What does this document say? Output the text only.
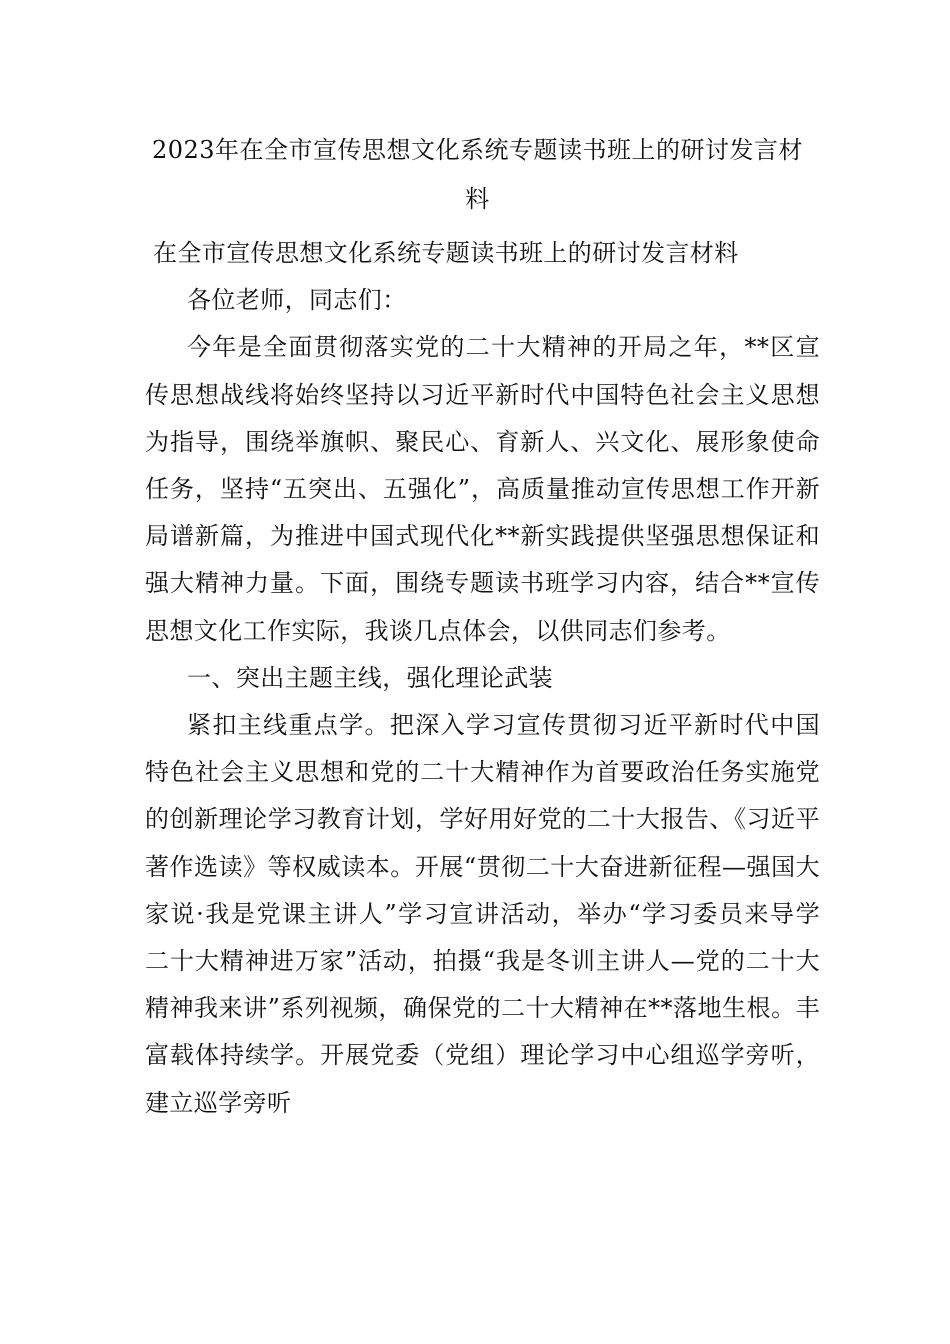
2023年在全市宣传思想文化系统专题读书班上的研讨发言材料

在全市宣传思想文化系统专题读书班上的研讨发言材料

各位老师，同志们：

今年是全面贯彻落实党的二十大精神的开局之年，**区宣传思想战线将始终坚持以习近平新时代中国特色社会主义思想为指导，围绕举旗帜、聚民心、育新人、兴文化、展形象使命任务，坚持“五突出、五强化”，高质量推动宣传思想工作开新局谱新篇，为推进中国式现代化**新实践提供坚强思想保证和强大精神力量。下面，围绕专题读书班学习内容，结合**宣传思想文化工作实际，我谈几点体会，以供同志们参考。

一、突出主题主线，强化理论武装

紧扣主线重点学。把深入学习宣传贯彻习近平新时代中国特色社会主义思想和党的二十大精神作为首要政治任务实施党的创新理论学习教育计划，学好用好党的二十大报告、《习近平著作选读》等权威读本。开展“贯彻二十大奋进新征程—强国大家说·我是党课主讲人”学习宣讲活动，举办“学习委员来导学 二十大精神进万家”活动，拍摄“我是冬训主讲人—党的二十大精神我来讲”系列视频，确保党的二十大精神在**落地生根。丰富载体持续学。开展党委（党组）理论学习中心组巡学旁听，建立巡学旁听
